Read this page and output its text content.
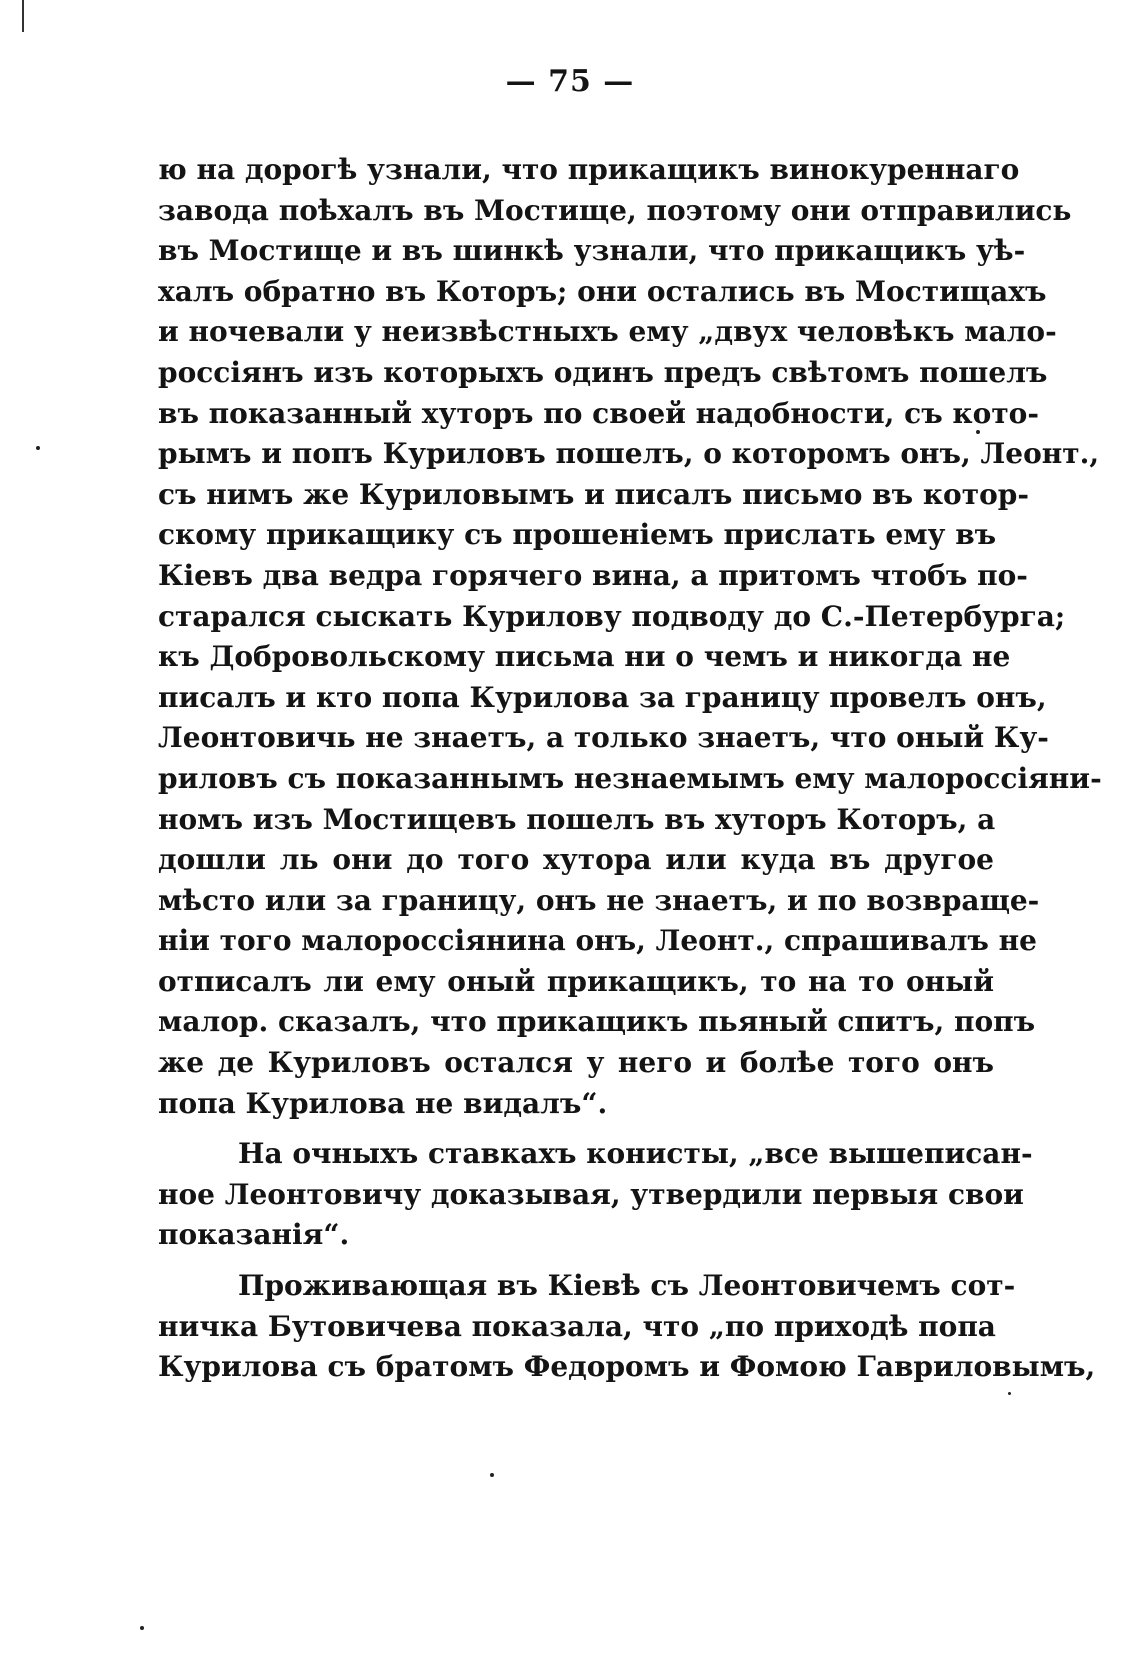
— 75 —
ю на дорогѣ узнали, что прикащикъ винокуреннаго
завода поѣхалъ въ Мостище, поэтому они отправились
въ Мостище и въ шинкѣ узнали, что прикащикъ уѣ-
халъ обратно въ Которъ; они остались въ Мостищахъ
и ночевали у неизвѣстныхъ ему „двух человѣкъ мало-
россіянъ изъ которыхъ одинъ предъ свѣтомъ пошелъ
въ показанный хуторъ по своей надобности, съ кото-
рымъ и попъ Куриловъ пошелъ, о которомъ онъ, Леонт.,
съ нимъ же Куриловымъ и писалъ письмо въ котор-
скому прикащику съ прошеніемъ прислать ему въ
Кіевъ два ведра горячего вина, а притомъ чтобъ по-
старался сыскать Курилову подводу до С.-Петербурга;
къ Добровольскому письма ни о чемъ и никогда не
писалъ и кто попа Курилова за границу провелъ онъ,
Леонтовичь не знаетъ, а только знаетъ, что оный Ку-
риловъ съ показаннымъ незнаемымъ ему малороссіяни-
номъ изъ Мостищевъ пошелъ въ хуторъ Которъ, а
дошли ль они до того хутора или куда въ другое
мѣсто или за границу, онъ не знаетъ, и по возвраще-
ніи того малороссіянина онъ, Леонт., спрашивалъ не
отписалъ ли ему оный прикащикъ, то на то оный
малор. сказалъ, что прикащикъ пьяный спитъ, попъ
же де Куриловъ остался у него и болѣе того онъ
попа Курилова не видалъ“.
На очныхъ ставкахъ конисты, „все вышеписан-
ное Леонтовичу доказывая, утвердили первыя свои
показанія“.
Проживающая въ Кіевѣ съ Леонтовичемъ сот-
ничка Бутовичева показала, что „по приходѣ попа
Курилова съ братомъ Федоромъ и Фомою Гавриловымъ,
